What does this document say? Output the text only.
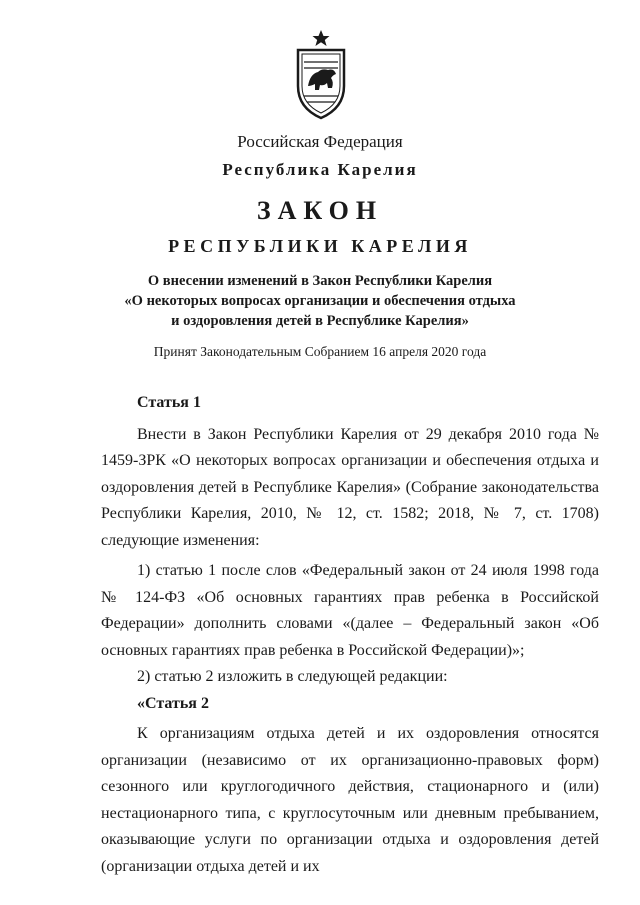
Российская Федерация
Республика Карелия
ЗАКОН
РЕСПУБЛИКИ КАРЕЛИЯ
О внесении изменений в Закон Республики Карелия
«О некоторых вопросах организации и обеспечения отдыха
и оздоровления детей в Республике Карелия»
Принят Законодательным Собранием 16 апреля 2020 года

Статья 1

Внести в Закон Республики Карелия от 29 декабря 2010 года № 1459-ЗРК «О некоторых вопросах организации и обеспечения отдыха и оздоровления детей в Республике Карелия» (Собрание законодательства Республики Карелия, 2010, № 12, ст. 1582; 2018, № 7, ст. 1708) следующие изменения:

1) статью 1 после слов «Федеральный закон от 24 июля 1998 года № 124-ФЗ «Об основных гарантиях прав ребенка в Российской Федерации» дополнить словами «(далее – Федеральный закон «Об основных гарантиях прав ребенка в Российской Федерации)»;

2) статью 2 изложить в следующей редакции:

«Статья 2

К организациям отдыха детей и их оздоровления относятся организации (независимо от их организационно-правовых форм) сезонного или круглогодичного действия, стационарного и (или) нестационарного типа, с круглосуточным или дневным пребыванием, оказывающие услуги по организации отдыха и оздоровления детей (организации отдыха детей и их
